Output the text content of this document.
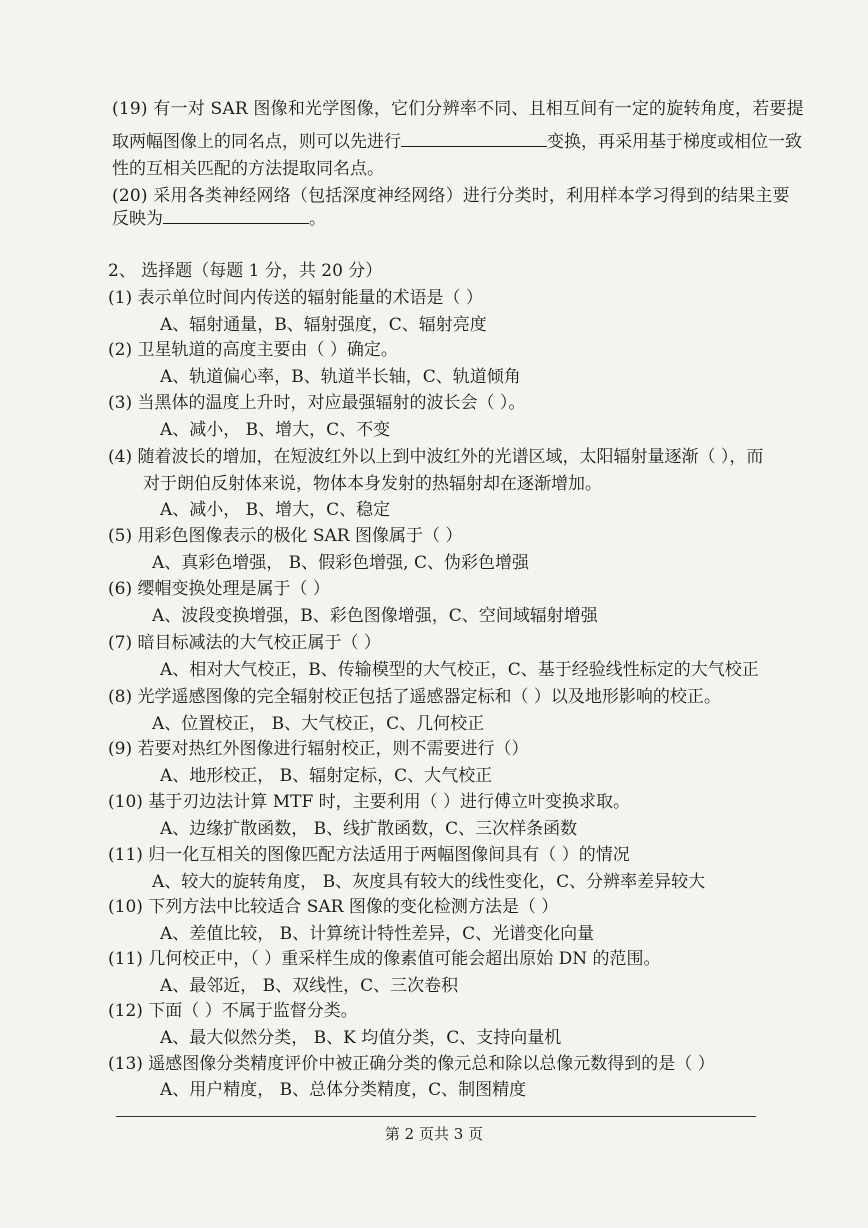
(19) 有一对 SAR 图像和光学图像，它们分辨率不同、且相互间有一定的旋转角度，若要提
取两幅图像上的同名点，则可以先进行	变换，再采用基于梯度或相位一致
性的互相关匹配的方法提取同名点。
(20) 采用各类神经网络（包括深度神经网络）进行分类时，利用样本学习得到的结果主要
反映为	。
2、 选择题（每题 1 分，共 20 分）
(1) 表示单位时间内传送的辐射能量的术语是（ ）
A、辐射通量，B、辐射强度，C、辐射亮度
(2) 卫星轨道的高度主要由（ ）确定。
A、轨道偏心率，B、轨道半长轴，C、轨道倾角
(3) 当黑体的温度上升时，对应最强辐射的波长会（ ）。
A、减小， B、增大，C、不变
(4) 随着波长的增加，在短波红外以上到中波红外的光谱区域，太阳辐射量逐渐（ ），而
对于朗伯反射体来说，物体本身发射的热辐射却在逐渐增加。
A、减小， B、增大，C、稳定
(5) 用彩色图像表示的极化 SAR 图像属于（ ）
A、真彩色增强， B、假彩色增强, C、伪彩色增强
(6) 缨帽变换处理是属于（ ）
A、波段变换增强，B、彩色图像增强，C、空间域辐射增强
(7) 暗目标减法的大气校正属于（ ）
A、相对大气校正，B、传输模型的大气校正，C、基于经验线性标定的大气校正
(8) 光学遥感图像的完全辐射校正包括了遥感器定标和（ ）以及地形影响的校正。
A、位置校正， B、大气校正，C、几何校正
(9) 若要对热红外图像进行辐射校正，则不需要进行（）
A、地形校正， B、辐射定标，C、大气校正
(10) 基于刃边法计算 MTF 时，主要利用（ ）进行傅立叶变换求取。
A、边缘扩散函数， B、线扩散函数，C、三次样条函数
(11) 归一化互相关的图像匹配方法适用于两幅图像间具有（ ）的情况
A、较大的旋转角度， B、灰度具有较大的线性变化，C、分辨率差异较大
(10) 下列方法中比较适合 SAR 图像的变化检测方法是（ ）
A、差值比较， B、计算统计特性差异，C、光谱变化向量
(11) 几何校正中，（ ）重采样生成的像素值可能会超出原始 DN 的范围。
A、最邻近， B、双线性，C、三次卷积
(12) 下面（ ）不属于监督分类。
A、最大似然分类， B、K 均值分类，C、支持向量机
(13) 遥感图像分类精度评价中被正确分类的像元总和除以总像元数得到的是（ ）
A、用户精度， B、总体分类精度，C、制图精度
第 2 页共 3 页
